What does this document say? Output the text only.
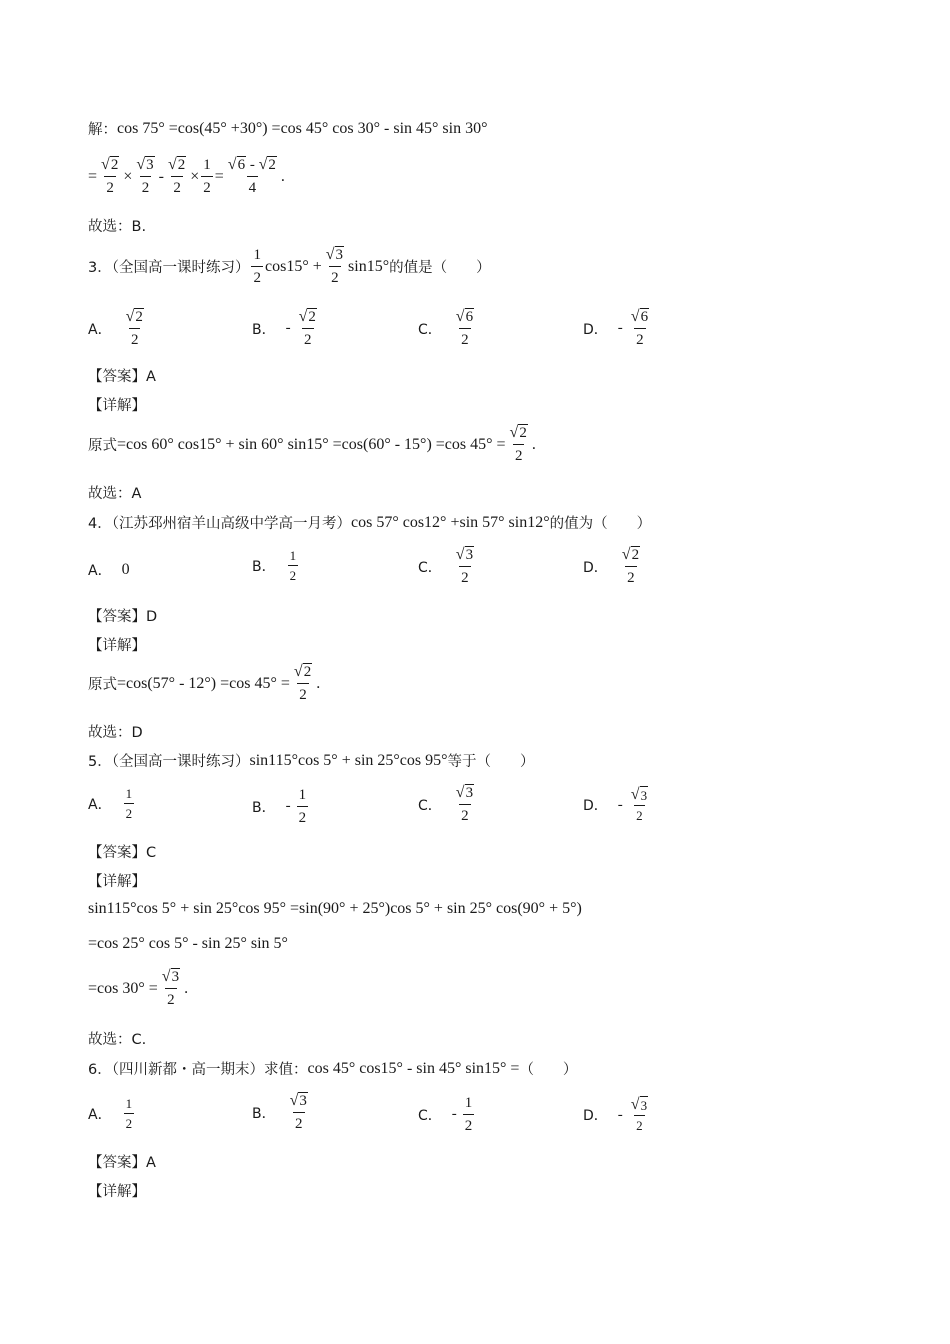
解： cos 75° =cos(45° +30°) =cos 45° cos 30° - sin 45° sin 30°
= $\frac{√ 2}{2} \times \frac{√ 3}{2} - \frac{√ 2}{2} \times \frac{1}{2} = \frac{√ 6 - √ 2}{4}$ .
故选：B.
3．（全国高一课时练习） $\frac{1}{2} \cos 15^\circ + \frac{√ 3}{2} \sin 15^\circ$ 的值是（　　）
A． $\frac{√ 2}{2}$	B． - $\frac{√ 2}{2}$	C． $\frac{√ 6}{2}$	D． - $\frac{√ 6}{2}$
【答案】A
【详解】
原式 =cos 60° cos15° + sin 60° sin15° =cos(60° - 15°) =cos $45^\circ = \frac{√ 2}{2}$ .
故选：A
4．（江苏邳州宿羊山高级中学高一月考） cos 57° cos12° +sin 57° sin12° 的值为（　　）
A． 0	B． $\frac{1}{2}$	C． $\frac{√ 3}{2}$	D． $\frac{√ 2}{2}$
【答案】D
【详解】
原式 =cos(57° - 12°) =cos $45^\circ = \frac{√ 2}{2}$ .
故选：D
5．（全国高一课时练习） sin115°cos 5° + sin 25°cos 95° 等于（　　）
A． $\frac{1}{2}$	B． - $\frac{1}{2}$	C． $\frac{√ 3}{2}$	D． - $\frac{√ 3}{2}$
【答案】C
【详解】
sin115°cos 5° + sin 25°cos 95° =sin(90° + 25°)cos 5° + sin 25° cos(90° + 5°)
=cos 25° cos 5° - sin 25° sin 5°
=cos $30^\circ = \frac{√ 3}{2}$ .
故选：C.
6．（四川新都・高一期末）求值： cos 45° cos15° - sin 45° sin15° = （　　）
A． $\frac{1}{2}$	B． $\frac{√ 3}{2}$	C． - $\frac{1}{2}$	D． - $\frac{√ 3}{2}$
【答案】A
【详解】
